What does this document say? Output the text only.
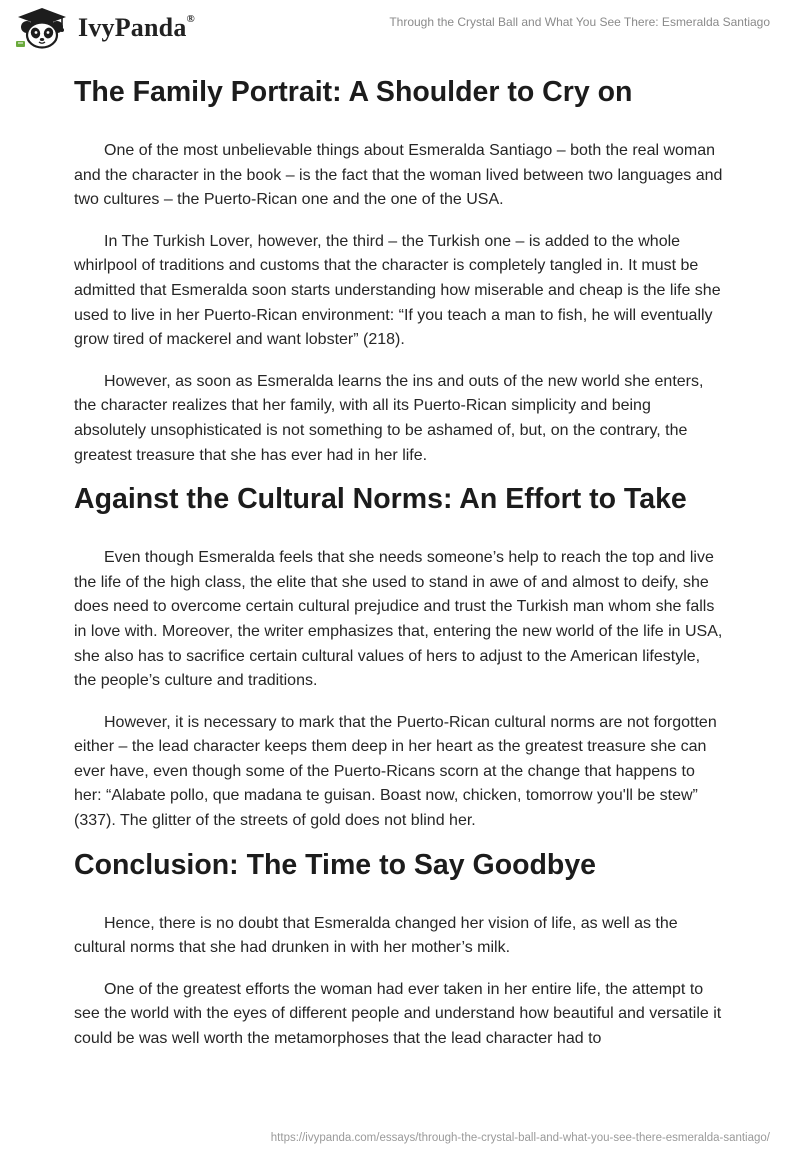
IvyPanda®	Through the Crystal Ball and What You See There: Esmeralda Santiago
The Family Portrait: A Shoulder to Cry on

One of the most unbelievable things about Esmeralda Santiago – both the real woman and the character in the book – is the fact that the woman lived between two languages and two cultures – the Puerto-Rican one and the one of the USA.

In The Turkish Lover, however, the third – the Turkish one – is added to the whole whirlpool of traditions and customs that the character is completely tangled in. It must be admitted that Esmeralda soon starts understanding how miserable and cheap is the life she used to live in her Puerto-Rican environment: “If you teach a man to fish, he will eventually grow tired of mackerel and want lobster” (218).

However, as soon as Esmeralda learns the ins and outs of the new world she enters, the character realizes that her family, with all its Puerto-Rican simplicity and being absolutely unsophisticated is not something to be ashamed of, but, on the contrary, the greatest treasure that she has ever had in her life.

Against the Cultural Norms: An Effort to Take

Even though Esmeralda feels that she needs someone’s help to reach the top and live the life of the high class, the elite that she used to stand in awe of and almost to deify, she does need to overcome certain cultural prejudice and trust the Turkish man whom she falls in love with. Moreover, the writer emphasizes that, entering the new world of the life in USA, she also has to sacrifice certain cultural values of hers to adjust to the American lifestyle, the people’s culture and traditions.

However, it is necessary to mark that the Puerto-Rican cultural norms are not forgotten either – the lead character keeps them deep in her heart as the greatest treasure she can ever have, even though some of the Puerto-Ricans scorn at the change that happens to her: “Alabate pollo, que madana te guisan. Boast now, chicken, tomorrow you'll be stew” (337). The glitter of the streets of gold does not blind her.

Conclusion: The Time to Say Goodbye

Hence, there is no doubt that Esmeralda changed her vision of life, as well as the cultural norms that she had drunken in with her mother’s milk.

One of the greatest efforts the woman had ever taken in her entire life, the attempt to see the world with the eyes of different people and understand how beautiful and versatile it could be was well worth the metamorphoses that the lead character had to

https://ivypanda.com/essays/through-the-crystal-ball-and-what-you-see-there-esmeralda-santiago/
